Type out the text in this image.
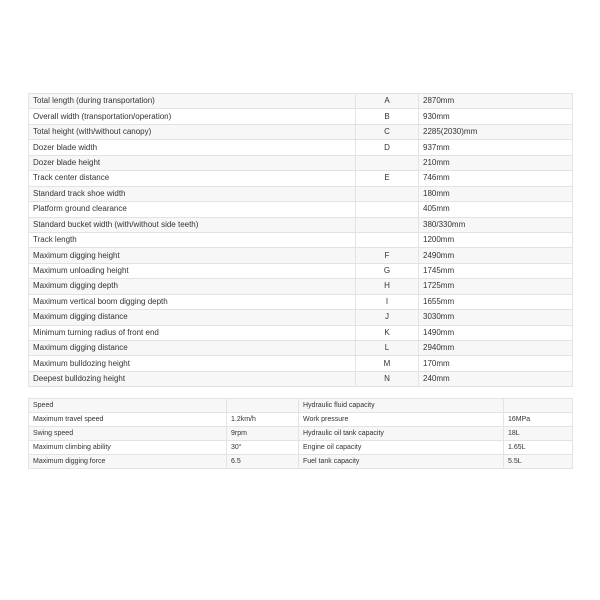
Total length (during transportation)	A	2870mm
Overall width (transportation/operation)	B	930mm
Total height (with/without canopy)	C	2285(2030)mm
Dozer blade width	D	937mm
Dozer blade height		210mm
Track center distance	E	746mm
Standard track shoe width		180mm
Platform ground clearance		405mm
Standard bucket width (with/without side teeth)		380/330mm
Track length		1200mm
Maximum digging height	F	2490mm
Maximum unloading height	G	1745mm
Maximum digging depth	H	1725mm
Maximum vertical boom digging depth	I	1655mm
Maximum digging distance	J	3030mm
Minimum turning radius of front end	K	1490mm
Maximum digging distance	L	2940mm
Maximum bulldozing height	M	170mm
Deepest bulldozing height	N	240mm
Speed		Hydraulic fluid capacity	
Maximum travel speed	1.2km/h	Work pressure	16MPa
Swing speed	9rpm	Hydraulic oil tank capacity	18L
Maximum climbing ability	30°	Engine oil capacity	1.65L
Maximum digging force	6.5	Fuel tank capacity	5.5L
